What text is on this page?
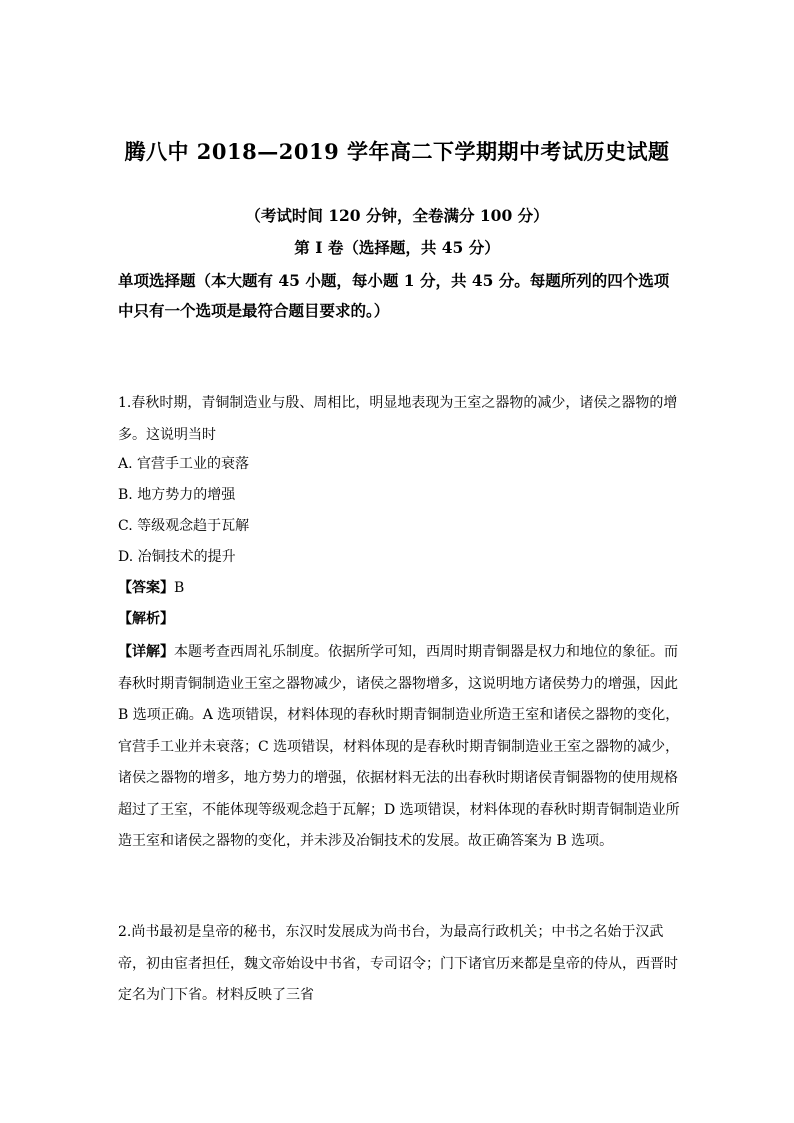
腾八中 2018—2019 学年高二下学期期中考试历史试题
（考试时间 120 分钟，全卷满分 100 分）
第 I 卷（选择题，共 45 分）

单项选择题（本大题有 45 小题，每小题 1 分，共 45 分。每题所列的四个选项中只有一个选项是最符合题目要求的。）

1.春秋时期，青铜制造业与殷、周相比，明显地表现为王室之器物的减少，诸侯之器物的增多。这说明当时

A. 官营手工业的衰落
B. 地方势力的增强
C. 等级观念趋于瓦解
D. 冶铜技术的提升
【答案】B
【解析】

【详解】本题考查西周礼乐制度。依据所学可知，西周时期青铜器是权力和地位的象征。而春秋时期青铜制造业王室之器物减少，诸侯之器物增多，这说明地方诸侯势力的增强，因此 B 选项正确。A 选项错误，材料体现的春秋时期青铜制造业所造王室和诸侯之器物的变化，官营手工业并未衰落；C 选项错误，材料体现的是春秋时期青铜制造业王室之器物的减少，诸侯之器物的增多，地方势力的增强，依据材料无法的出春秋时期诸侯青铜器物的使用规格超过了王室，不能体现等级观念趋于瓦解；D 选项错误，材料体现的春秋时期青铜制造业所造王室和诸侯之器物的变化，并未涉及冶铜技术的发展。故正确答案为 B 选项。

2.尚书最初是皇帝的秘书，东汉时发展成为尚书台，为最高行政机关；中书之名始于汉武帝，初由宦者担任，魏文帝始设中书省，专司诏令；门下诸官历来都是皇帝的侍从，西晋时定名为门下省。材料反映了三省
